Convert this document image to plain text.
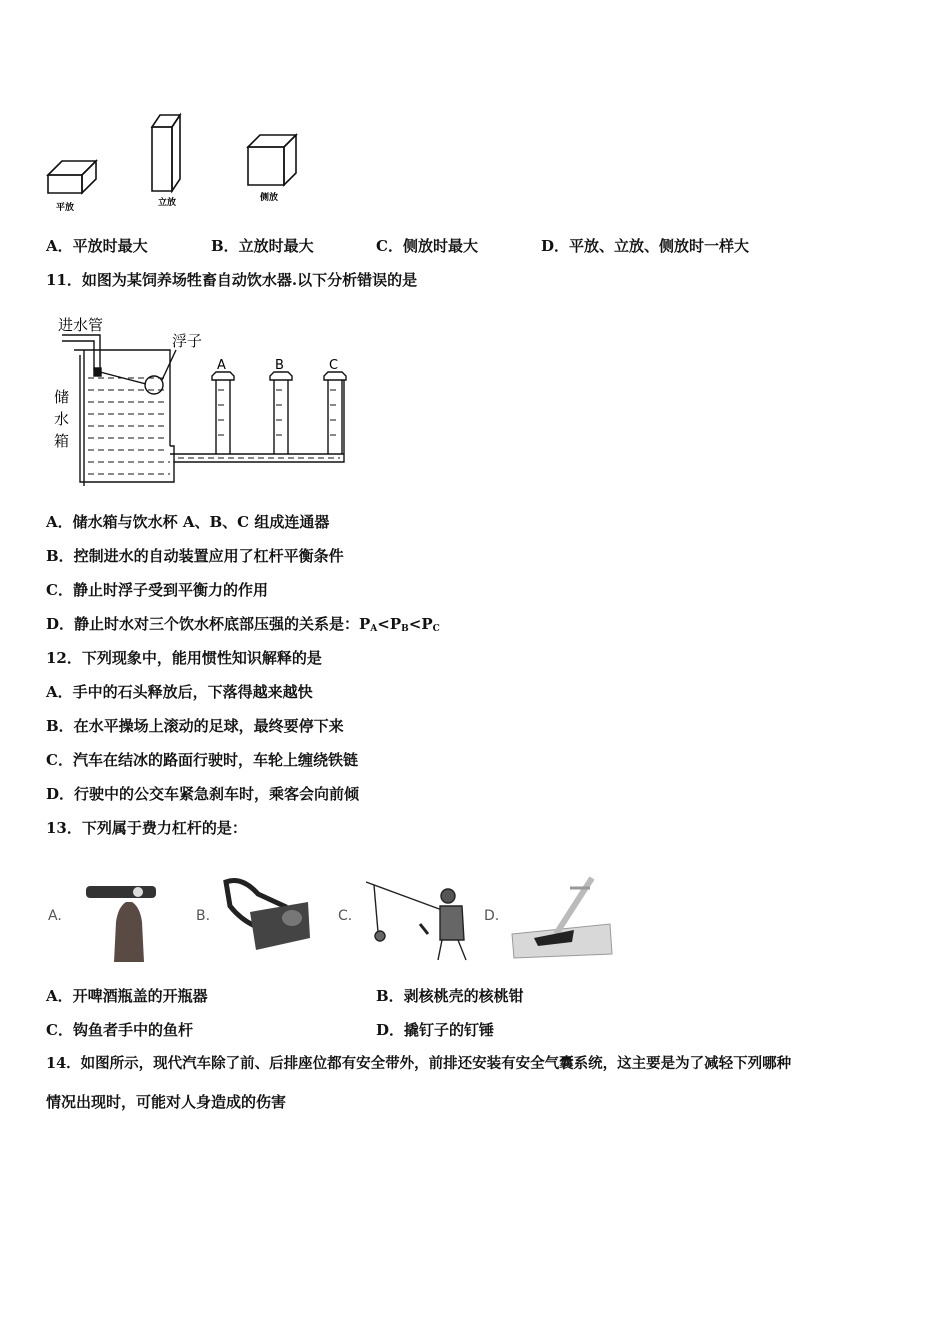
平放	立放	侧放
A．平放时最大	B．立放时最大	C．侧放时最大	D．平放、立放、侧放时一样大
11．如图为某饲养场牲畜自动饮水器.以下分析错误的是
进水管
浮子
储
水
箱
A	B	C
A．储水箱与饮水杯 A、B、C 组成连通器
B．控制进水的自动装置应用了杠杆平衡条件
C．静止时浮子受到平衡力的作用
D．静止时水对三个饮水杯底部压强的关系是：$P_A<P_B<P_C$
12．下列现象中，能用惯性知识解释的是
A．手中的石头释放后，下落得越来越快
B．在水平操场上滚动的足球，最终要停下来
C．汽车在结冰的路面行驶时，车轮上缠绕铁链
D．行驶中的公交车紧急刹车时，乘客会向前倾
13．下列属于费力杠杆的是：
A.	B.	C.	D.
A．开啤酒瓶盖的开瓶器	B．剥核桃壳的核桃钳
C．钩鱼者手中的鱼杆	D．撬钉子的钉锤
14．如图所示，现代汽车除了前、后排座位都有安全带外，前排还安装有安全气囊系统，这主要是为了减轻下列哪种
情况出现时，可能对人身造成的伤害
